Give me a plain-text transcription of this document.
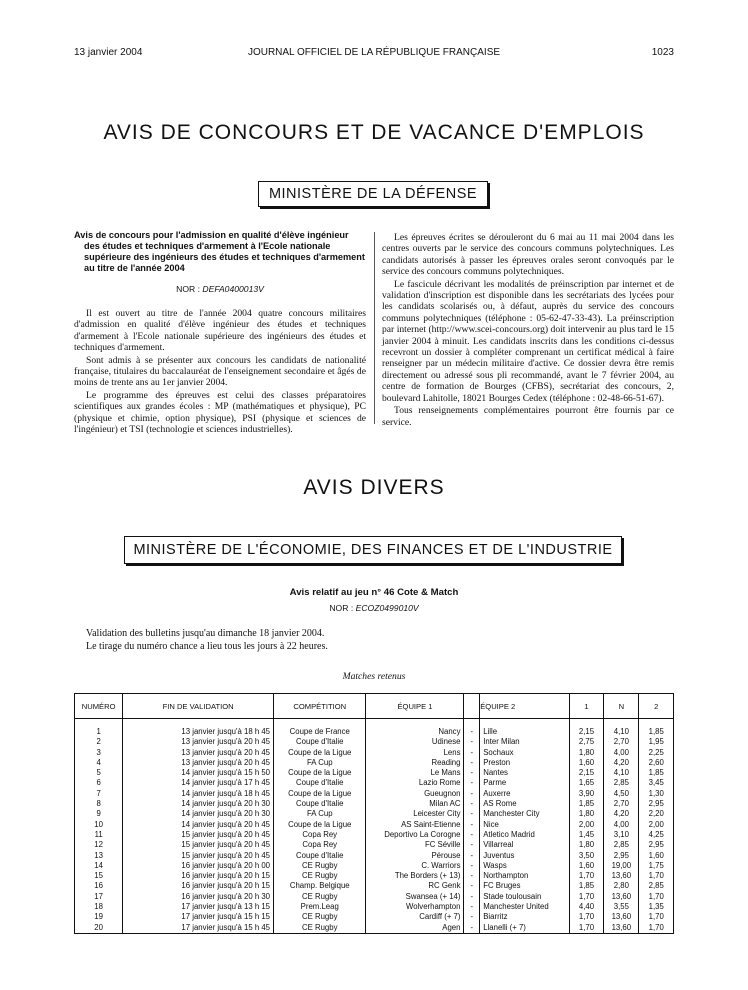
13 janvier 2004	JOURNAL OFFICIEL DE LA RÉPUBLIQUE FRANÇAISE	1023
AVIS DE CONCOURS ET DE VACANCE D'EMPLOIS
MINISTÈRE DE LA DÉFENSE
Avis de concours pour l'admission en qualité d'élève ingénieur des études et techniques d'armement à l'Ecole nationale supérieure des ingénieurs des études et techniques d'armement au titre de l'année 2004
NOR : DEFA0400013V

Il est ouvert au titre de l'année 2004 quatre concours militaires d'admission en qualité d'élève ingénieur des études et techniques d'armement à l'Ecole nationale supérieure des ingénieurs des études et techniques d'armement.

Sont admis à se présenter aux concours les candidats de nationalité française, titulaires du baccalauréat de l'enseignement secondaire et âgés de moins de trente ans au 1er janvier 2004.

Le programme des épreuves est celui des classes préparatoires scientifiques aux grandes écoles : MP (mathématiques et physique), PC (physique et chimie, option physique), PSI (physique et sciences de l'ingénieur) et TSI (technologie et sciences industrielles).

Les épreuves écrites se dérouleront du 6 mai au 11 mai 2004 dans les centres ouverts par le service des concours communs polytechniques. Les candidats autorisés à passer les épreuves orales seront convoqués par le service des concours communs polytechniques.

Le fascicule décrivant les modalités de préinscription par internet et de validation d'inscription est disponible dans les secrétariats des lycées pour les candidats scolarisés ou, à défaut, auprès du service des concours communs polytechniques (téléphone : 05-62-47-33-43). La préinscription par internet (http://www.scei-concours.org) doit intervenir au plus tard le 15 janvier 2004 à minuit. Les candidats inscrits dans les conditions ci-dessus recevront un dossier à compléter comprenant un certificat médical à faire renseigner par un médecin militaire d'active. Ce dossier devra être remis directement ou adressé sous pli recommandé, avant le 7 février 2004, au centre de formation de Bourges (CFBS), secrétariat des concours, 2, boulevard Lahitolle, 18021 Bourges Cedex (téléphone : 02-48-66-51-67).

Tous renseignements complémentaires pourront être fournis par ce service.

AVIS DIVERS
MINISTÈRE DE L'ÉCONOMIE, DES FINANCES ET DE L'INDUSTRIE
Avis relatif au jeu n° 46 Cote & Match
NOR : ECOZ0499010V
Validation des bulletins jusqu'au dimanche 18 janvier 2004.
Le tirage du numéro chance a lieu tous les jours à 22 heures.
Matches retenus
NUMÉRO	FIN DE VALIDATION	COMPÉTITION	ÉQUIPE 1		ÉQUIPE 2	1	N	2
1	13 janvier jusqu'à 18 h 45	Coupe de France	Nancy	-	Lille	2,15	4,10	1,85
2	13 janvier jusqu'à 20 h 45	Coupe d'Italie	Udinese	-	Inter Milan	2,75	2,70	1,95
3	13 janvier jusqu'à 20 h 45	Coupe de la Ligue	Lens	-	Sochaux	1,80	4,00	2,25
4	13 janvier jusqu'à 20 h 45	FA Cup	Reading	-	Preston	1,60	4,20	2,60
5	14 janvier jusqu'à 15 h 50	Coupe de la Ligue	Le Mans	-	Nantes	2,15	4,10	1,85
6	14 janvier jusqu'à 17 h 45	Coupe d'Italie	Lazio Rome	-	Parme	1,65	2,85	3,45
7	14 janvier jusqu'à 18 h 45	Coupe de la Ligue	Gueugnon	-	Auxerre	3,90	4,50	1,30
8	14 janvier jusqu'à 20 h 30	Coupe d'Italie	Milan AC	-	AS Rome	1,85	2,70	2,95
9	14 janvier jusqu'à 20 h 30	FA Cup	Leicester City	-	Manchester City	1,80	4,20	2,20
10	14 janvier jusqu'à 20 h 45	Coupe de la Ligue	AS Saint-Etienne	-	Nice	2,00	4,00	2,00
11	15 janvier jusqu'à 20 h 45	Copa Rey	Deportivo La Corogne	-	Atletico Madrid	1,45	3,10	4,25
12	15 janvier jusqu'à 20 h 45	Copa Rey	FC Séville	-	Villarreal	1,80	2,85	2,95
13	15 janvier jusqu'à 20 h 45	Coupe d'Italie	Pérouse	-	Juventus	3,50	2,95	1,60
14	16 janvier jusqu'à 20 h 00	CE Rugby	C. Warriors	-	Wasps	1,60	19,00	1,75
15	16 janvier jusqu'à 20 h 15	CE Rugby	The Borders (+ 13)	-	Northampton	1,70	13,60	1,70
16	16 janvier jusqu'à 20 h 15	Champ. Belgique	RC Genk	-	FC Bruges	1,85	2,80	2,85
17	16 janvier jusqu'à 20 h 30	CE Rugby	Swansea (+ 14)	-	Stade toulousain	1,70	13,60	1,70
18	17 janvier jusqu'à 13 h 15	Prem.Leag	Wolverhampton	-	Manchester United	4,40	3,55	1,35
19	17 janvier jusqu'à 15 h 15	CE Rugby	Cardiff (+ 7)	-	Biarritz	1,70	13,60	1,70
20	17 janvier jusqu'à 15 h 45	CE Rugby	Agen	-	Llanelli (+ 7)	1,70	13,60	1,70
